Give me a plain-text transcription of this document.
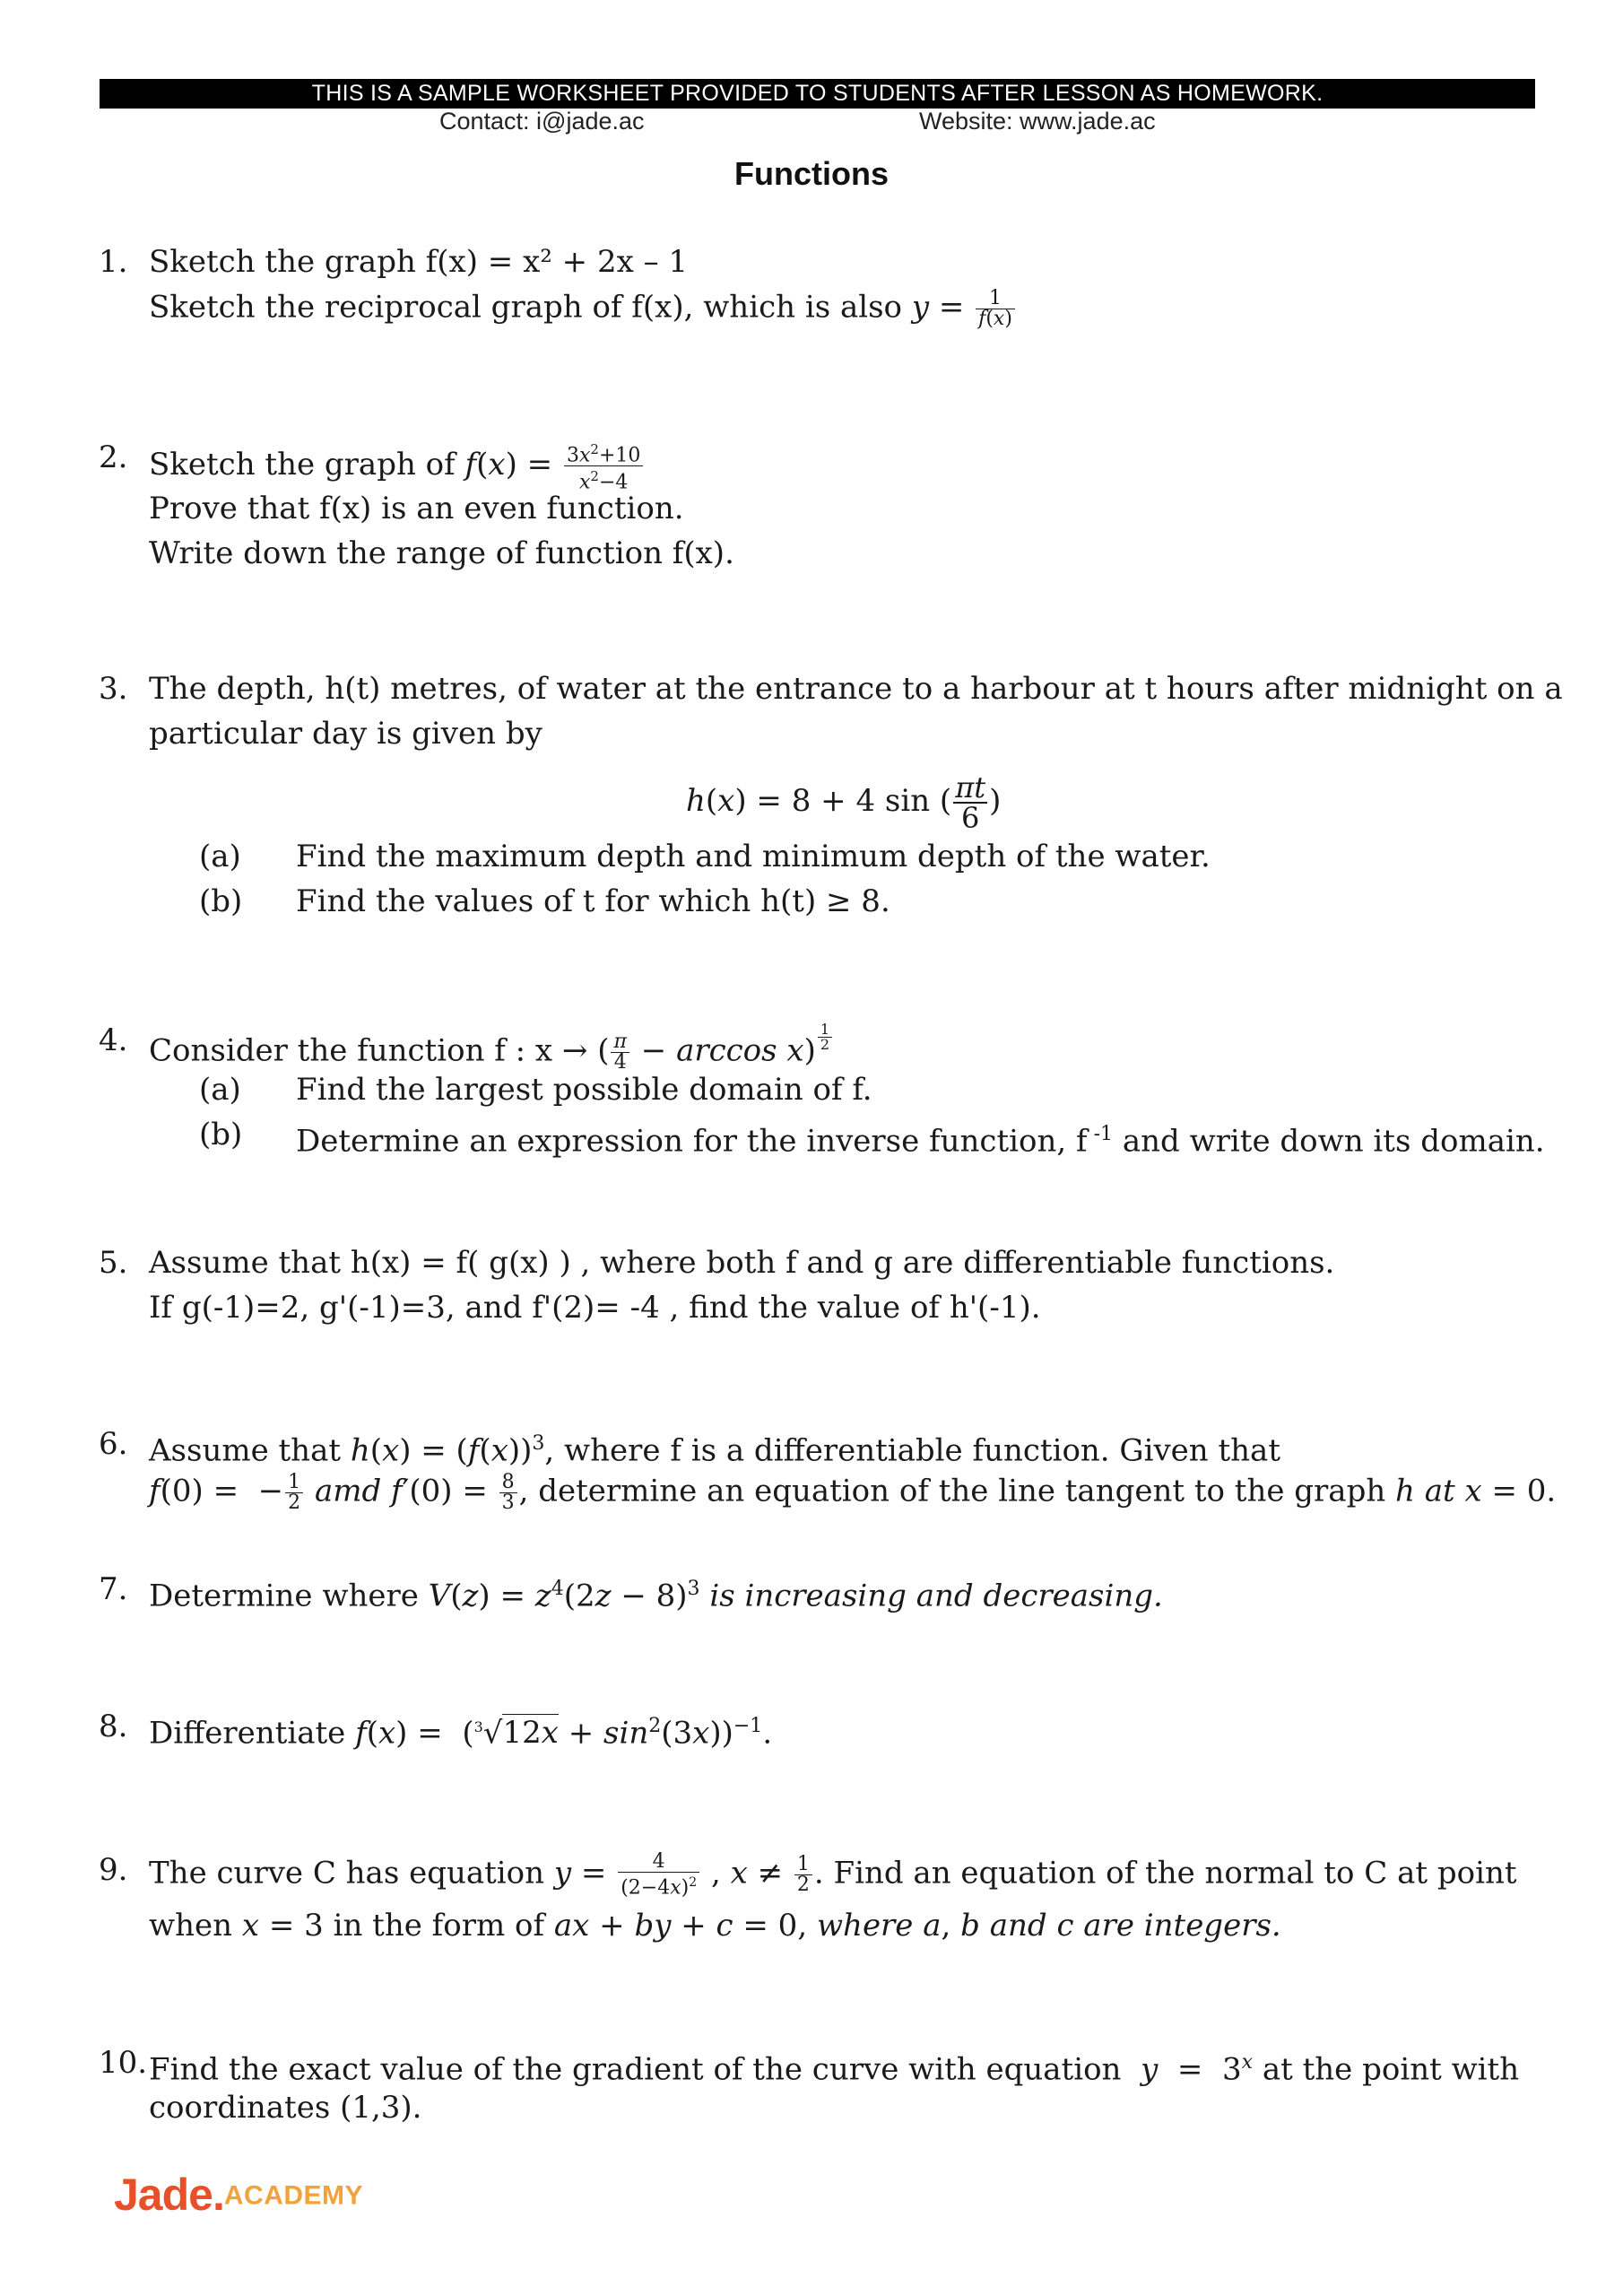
THIS IS A SAMPLE WORKSHEET PROVIDED TO STUDENTS AFTER LESSON AS HOMEWORK.
Contact: i@jade.ac	Website: www.jade.ac
Functions
1. Sketch the graph f(x) = x² + 2x – 1
Sketch the reciprocal graph of f(x), which is also $y = \frac{1}{f(x)}$
2. Sketch the graph of $f(x) = \frac{3x^2+10}{x^2-4}$
Prove that f(x) is an even function.
Write down the range of function f(x).
3. The depth, h(t) metres, of water at the entrance to a harbour at t hours after midnight on a
particular day is given by
h(x) = 8 + 4 sin ( $\frac{\pi t}{6}$ )
(a) Find the maximum depth and minimum depth of the water.
(b) Find the values of t for which h(t) ≥ 8.
4. Consider the function f : x → ( $\frac{\pi}{4} - \arccos x) \frac{1}{2}$
(a) Find the largest possible domain of f.
(b) Determine an expression for the inverse function, f $^{-1}$ and write down its domain.
5. Assume that h(x) = f( g(x) ) , where both f and g are differentiable functions.
If g(-1)=2, g'(-1)=3, and f'(2)= -4 , find the value of h'(-1).
6. Assume that $h(x) = (f(x))^3$, where f is a differentiable function. Given that
f(0) =  − $\frac{1}{2}$ amd $f'(0) = \frac{8}{3}$ , determine an equation of the line tangent to the graph h at x = 0.
7. Determine where $V(z) = z^4(2z - 8)^3$ is increasing and decreasing.
8. Differentiate $f(x) = (^3√12x + \sin^2(3x))^{-1}$.
9. The curve C has equation $y = \frac{4}{(2-4x)^2}$ , $x \ne \frac{1}{2}$ . Find an equation of the normal to C at point
when x = 3 in the form of ax + by + c = 0, where a, b and c are integers.
10. Find the exact value of the gradient of the curve with equation y  =  3$^x$ at the point with
coordinates (1,3).
Jade.ACADEMY
